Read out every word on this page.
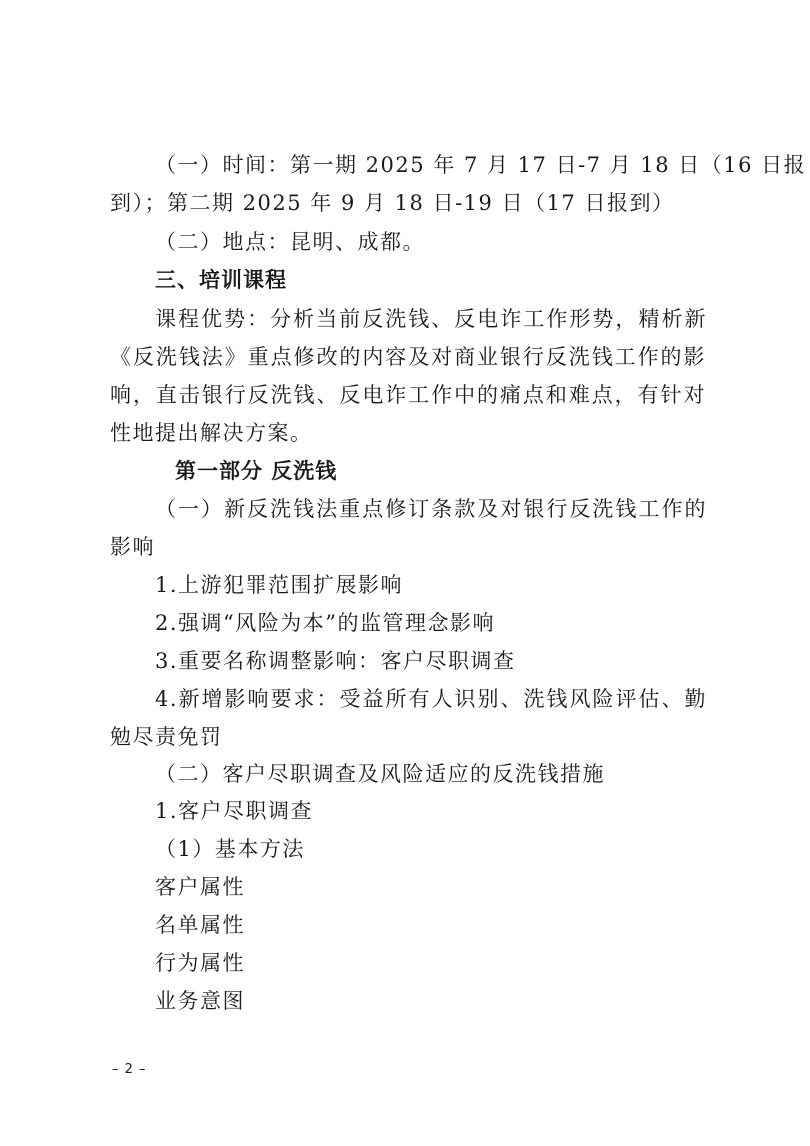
（一）时间：第一期 2025 年 7 月 17 日-7 月 18 日（16 日报
到）；第二期 2025 年 9 月 18 日-19 日（17 日报到）
（二）地点：昆明、成都。
三、培训课程
课程优势：分析当前反洗钱、反电诈工作形势，精析新
《反洗钱法》重点修改的内容及对商业银行反洗钱工作的影
响，直击银行反洗钱、反电诈工作中的痛点和难点，有针对
性地提出解决方案。
第一部分 反洗钱
（一）新反洗钱法重点修订条款及对银行反洗钱工作的
影响
1.上游犯罪范围扩展影响
2.强调“风险为本”的监管理念影响
3.重要名称调整影响：客户尽职调查
4.新增影响要求：受益所有人识别、洗钱风险评估、勤
勉尽责免罚
（二）客户尽职调查及风险适应的反洗钱措施
1.客户尽职调查
（1）基本方法
客户属性
名单属性
行为属性
业务意图
– 2 –
